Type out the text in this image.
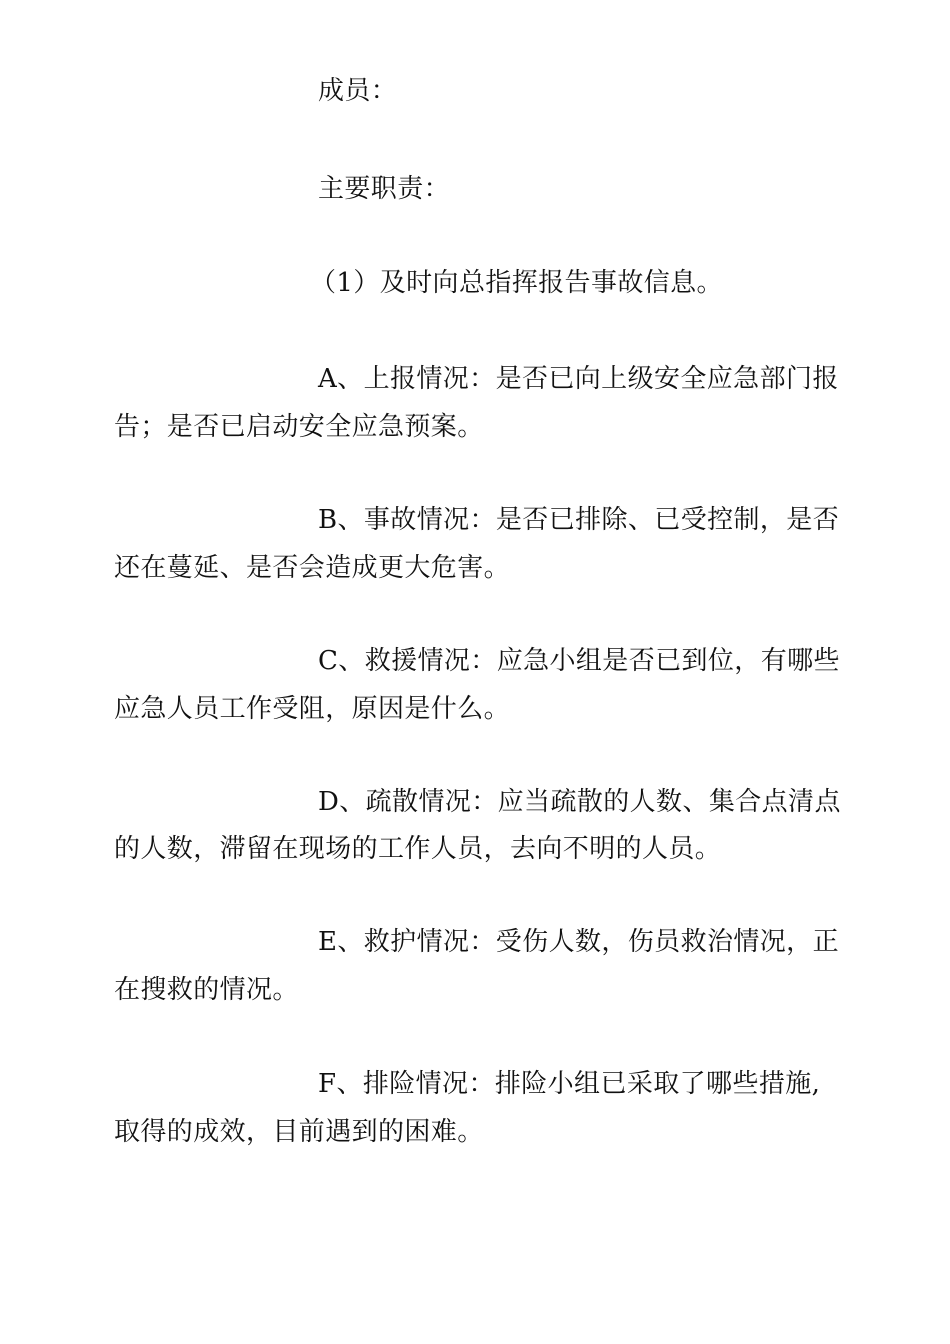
成员：
主要职责：
（1）及时向总指挥报告事故信息。
A、上报情况：是否已向上级安全应急部门报
告；是否已启动安全应急预案。
B、事故情况：是否已排除、已受控制，是否
还在蔓延、是否会造成更大危害。
C、救援情况：应急小组是否已到位，有哪些
应急人员工作受阻，原因是什么。
D、疏散情况：应当疏散的人数、集合点清点
的人数，滞留在现场的工作人员，去向不明的人员。
E、救护情况：受伤人数，伤员救治情况，正
在搜救的情况。
F、排险情况：排险小组已采取了哪些措施,
取得的成效，目前遇到的困难。
